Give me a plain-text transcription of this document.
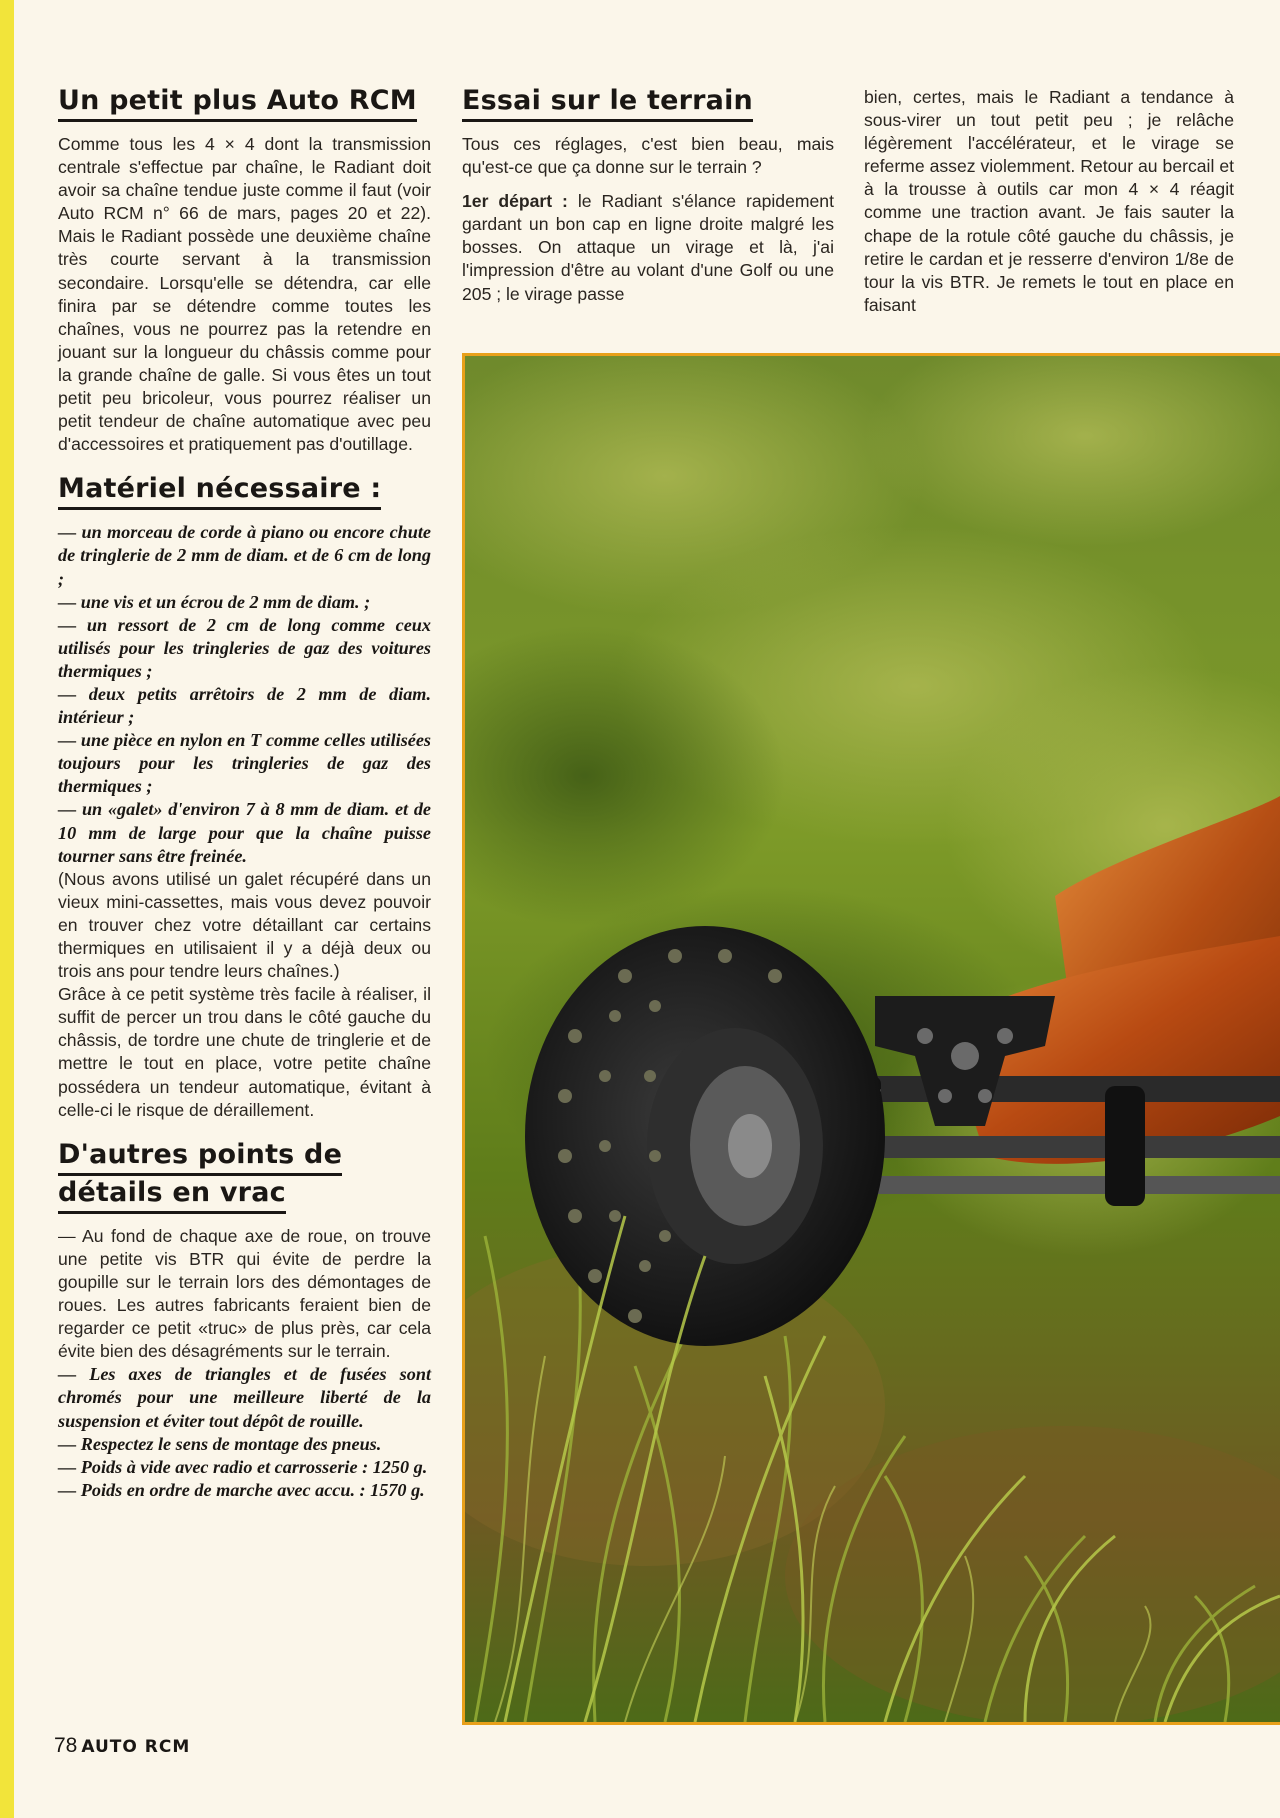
Un petit plus Auto RCM

Comme tous les 4 × 4 dont la transmission centrale s'effectue par chaîne, le Radiant doit avoir sa chaîne tendue juste comme il faut (voir Auto RCM n° 66 de mars, pages 20 et 22). Mais le Radiant possède une deuxième chaîne très courte servant à la transmission secondaire. Lorsqu'elle se détendra, car elle finira par se détendre comme toutes les chaînes, vous ne pourrez pas la retendre en jouant sur la longueur du châssis comme pour la grande chaîne de galle. Si vous êtes un tout petit peu bricoleur, vous pourrez réaliser un petit tendeur de chaîne automatique avec peu d'accessoires et pratiquement pas d'outillage.

Matériel nécessaire :

— un morceau de corde à piano ou encore chute de tringlerie de 2 mm de diam. et de 6 cm de long ;

— une vis et un écrou de 2 mm de diam. ;

— un ressort de 2 cm de long comme ceux utilisés pour les tringleries de gaz des voitures thermiques ;

— deux petits arrêtoirs de 2 mm de diam. intérieur ;

— une pièce en nylon en T comme celles utilisées toujours pour les tringleries de gaz des thermiques ;

— un «galet» d'environ 7 à 8 mm de diam. et de 10 mm de large pour que la chaîne puisse tourner sans être freinée.

(Nous avons utilisé un galet récupéré dans un vieux mini-cassettes, mais vous devez pouvoir en trouver chez votre détaillant car certains thermiques en utilisaient il y a déjà deux ou trois ans pour tendre leurs chaînes.)

Grâce à ce petit système très facile à réaliser, il suffit de percer un trou dans le côté gauche du châssis, de tordre une chute de tringlerie et de mettre le tout en place, votre petite chaîne possédera un tendeur automatique, évitant à celle-ci le risque de déraillement.

D'autres points de
détails en vrac

— Au fond de chaque axe de roue, on trouve une petite vis BTR qui évite de perdre la goupille sur le terrain lors des démontages de roues. Les autres fabricants feraient bien de regarder ce petit «truc» de plus près, car cela évite bien des désagréments sur le terrain.

— Les axes de triangles et de fusées sont chromés pour une meilleure liberté de la suspension et éviter tout dépôt de rouille.

— Respectez le sens de montage des pneus.

— Poids à vide avec radio et carrosserie : 1250 g.

— Poids en ordre de marche avec accu. : 1570 g.

Essai sur le terrain

Tous ces réglages, c'est bien beau, mais qu'est-ce que ça donne sur le terrain ?

1er départ : le Radiant s'élance rapidement gardant un bon cap en ligne droite malgré les bosses. On attaque un virage et là, j'ai l'impression d'être au volant d'une Golf ou une 205 ; le virage passe

bien, certes, mais le Radiant a tendance à sous-virer un tout petit peu ; je relâche légèrement l'accélérateur, et le virage se referme assez violemment. Retour au bercail et à la trousse à outils car mon 4 × 4 réagit comme une traction avant. Je fais sauter la chape de la rotule côté gauche du châssis, je retire le cardan et je resserre d'environ 1/8e de tour la vis BTR. Je remets le tout en place en faisant

78 AUTO RCM
